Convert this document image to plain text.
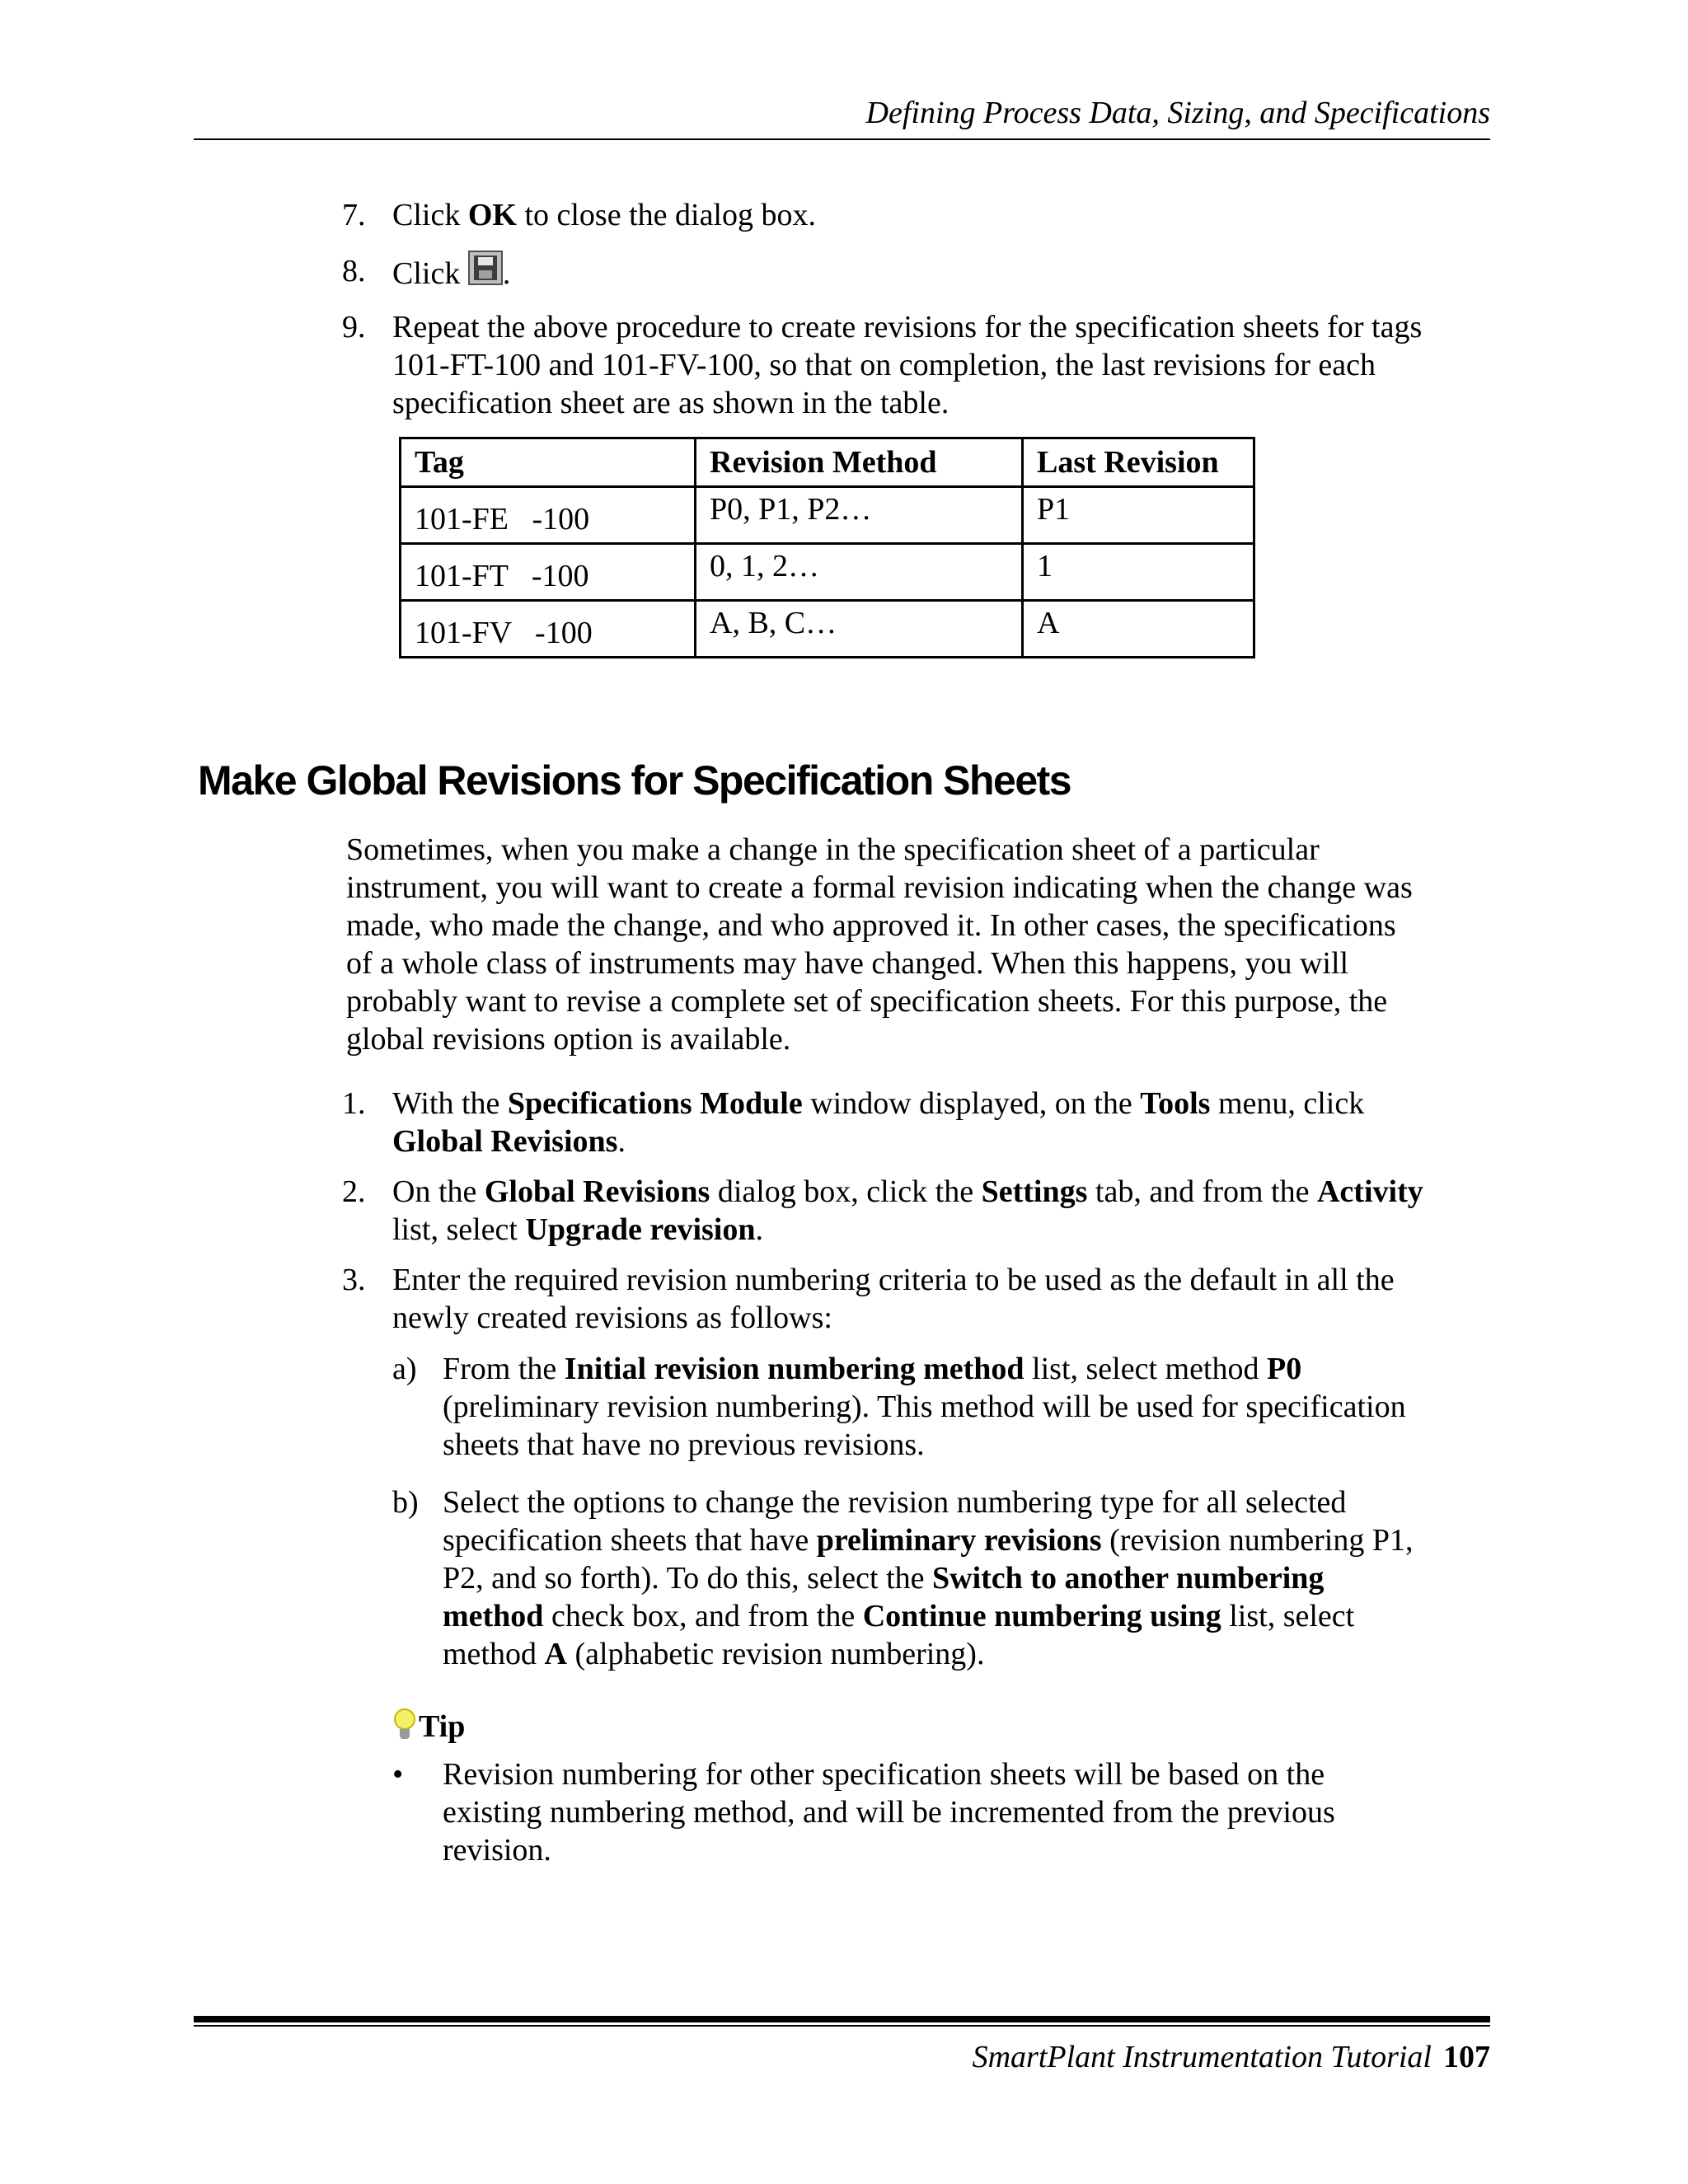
Defining Process Data, Sizing, and Specifications
7. Click OK to close the dialog box.
8. Click
.
9. Repeat the above procedure to create revisions for the specification sheets for tags
101-FT-100 and 101-FV-100, so that on completion, the last revisions for each
specification sheet are as shown in the table.
Tag	Revision Method	Last Revision
101-FE   -100	P0, P1, P2…	P1
101-FT   -100	0, 1, 2…	1
101-FV   -100	A, B, C…	A
Make Global Revisions for Specification Sheets
Sometimes, when you make a change in the specification sheet of a particular
instrument, you will want to create a formal revision indicating when the change was
made, who made the change, and who approved it. In other cases, the specifications
of a whole class of instruments may have changed. When this happens, you will
probably want to revise a complete set of specification sheets. For this purpose, the
global revisions option is available.
1. With the Specifications Module window displayed, on the Tools menu, click
Global Revisions.
2. On the Global Revisions dialog box, click the Settings tab, and from the Activity
list, select Upgrade revision.
3. Enter the required revision numbering criteria to be used as the default in all the
newly created revisions as follows:
a) From the Initial revision numbering method list, select method P0
(preliminary revision numbering). This method will be used for specification
sheets that have no previous revisions.
b) Select the options to change the revision numbering type for all selected
specification sheets that have preliminary revisions (revision numbering P1,
P2, and so forth). To do this, select the Switch to another numbering
method check box, and from the Continue numbering using list, select
method A (alphabetic revision numbering).
Tip
• Revision numbering for other specification sheets will be based on the
existing numbering method, and will be incremented from the previous
revision.
SmartPlant Instrumentation Tutorial 107
